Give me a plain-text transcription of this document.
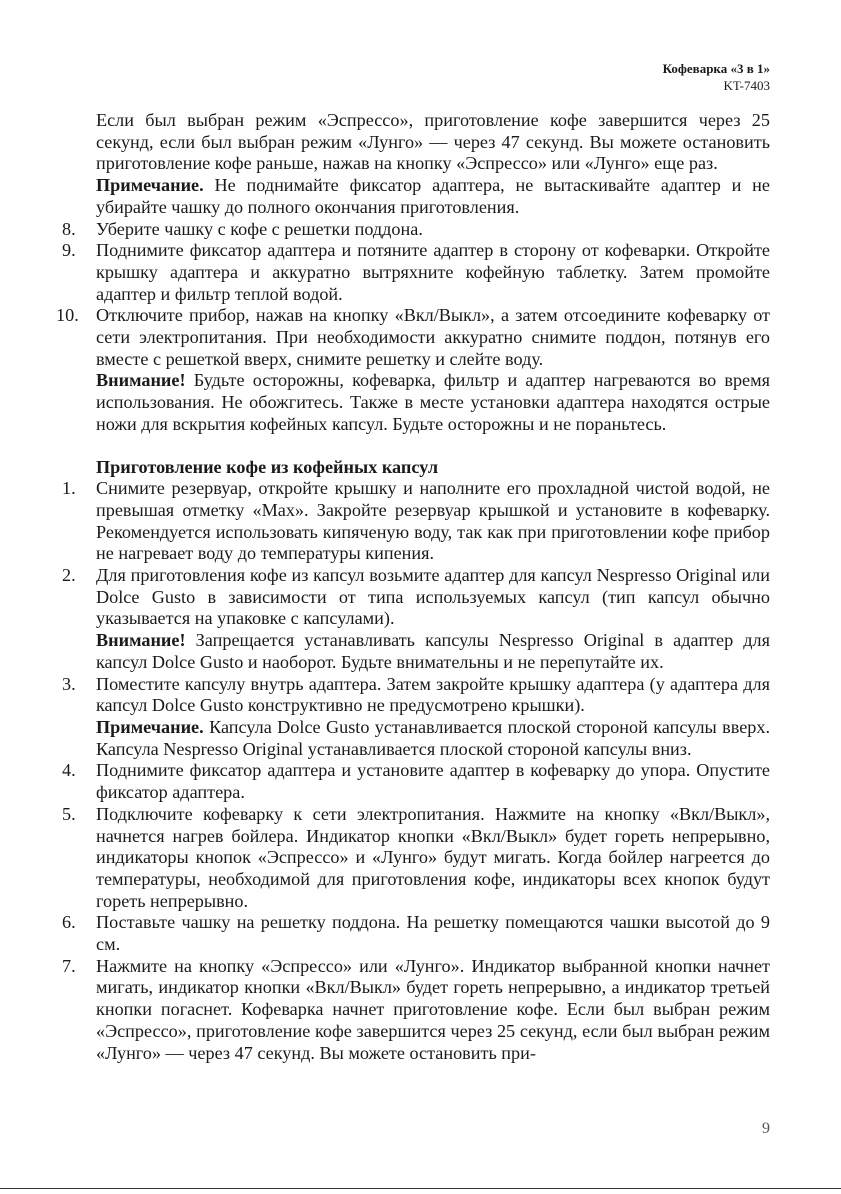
Кофеварка «3 в 1»
KT-7403
Если был выбран режим «Эспрессо», приготовление кофе завершится через 25 секунд, если был выбран режим «Лунго» — через 47 секунд. Вы можете остановить приготовление кофе раньше, нажав на кнопку «Эспрессо» или «Лунго» еще раз.
Примечание. Не поднимайте фиксатор адаптера, не вытаскивайте адаптер и не убирайте чашку до полного окончания приготовления.
8.	Уберите чашку с кофе с решетки поддона.
9.	Поднимите фиксатор адаптера и потяните адаптер в сторону от кофеварки. Откройте крышку адаптера и аккуратно вытряхните кофейную таблетку. Затем промойте адаптер и фильтр теплой водой.
10. Отключите прибор, нажав на кнопку «Вкл/Выкл», а затем отсоедините кофеварку от сети электропитания. При необходимости аккуратно снимите поддон, потянув его вместе с решеткой вверх, снимите решетку и слейте воду.
Внимание! Будьте осторожны, кофеварка, фильтр и адаптер нагреваются во время использования. Не обожгитесь. Также в месте установки адаптера находятся острые ножи для вскрытия кофейных капсул. Будьте осторожны и не пораньтесь.
Приготовление кофе из кофейных капсул
1.	Снимите резервуар, откройте крышку и наполните его прохладной чистой водой, не превышая отметку «Max». Закройте резервуар крышкой и установите в кофеварку. Рекомендуется использовать кипяченую воду, так как при приготовлении кофе прибор не нагревает воду до температуры кипения.
2.	Для приготовления кофе из капсул возьмите адаптер для капсул Nespresso Original или Dolce Gusto в зависимости от типа используемых капсул (тип капсул обычно указывается на упаковке с капсулами).
Внимание! Запрещается устанавливать капсулы Nespresso Original в адаптер для капсул Dolce Gusto и наоборот. Будьте внимательны и не перепутайте их.
3.	Поместите капсулу внутрь адаптера. Затем закройте крышку адаптера (у адаптера для капсул Dolce Gusto конструктивно не предусмотрено крышки).
Примечание. Капсула Dolce Gusto устанавливается плоской стороной капсулы вверх. Капсула Nespresso Original устанавливается плоской стороной капсулы вниз.
4.	Поднимите фиксатор адаптера и установите адаптер в кофеварку до упора. Опустите фиксатор адаптера.
5.	Подключите кофеварку к сети электропитания. Нажмите на кнопку «Вкл/Выкл», начнется нагрев бойлера. Индикатор кнопки «Вкл/Выкл» будет гореть непрерывно, индикаторы кнопок «Эспрессо» и «Лунго» будут мигать. Когда бойлер нагреется до температуры, необходимой для приготовления кофе, индикаторы всех кнопок будут гореть непрерывно.
6.	Поставьте чашку на решетку поддона. На решетку помещаются чашки высотой до 9 см.
7.	Нажмите на кнопку «Эспрессо» или «Лунго». Индикатор выбранной кнопки начнет мигать, индикатор кнопки «Вкл/Выкл» будет гореть непрерывно, а индикатор третьей кнопки погаснет. Кофеварка начнет приготовление кофе. Если был выбран режим «Эспрессо», приготовление кофе завершится через 25 секунд, если был выбран режим «Лунго» — через 47 секунд. Вы можете остановить при-
9
